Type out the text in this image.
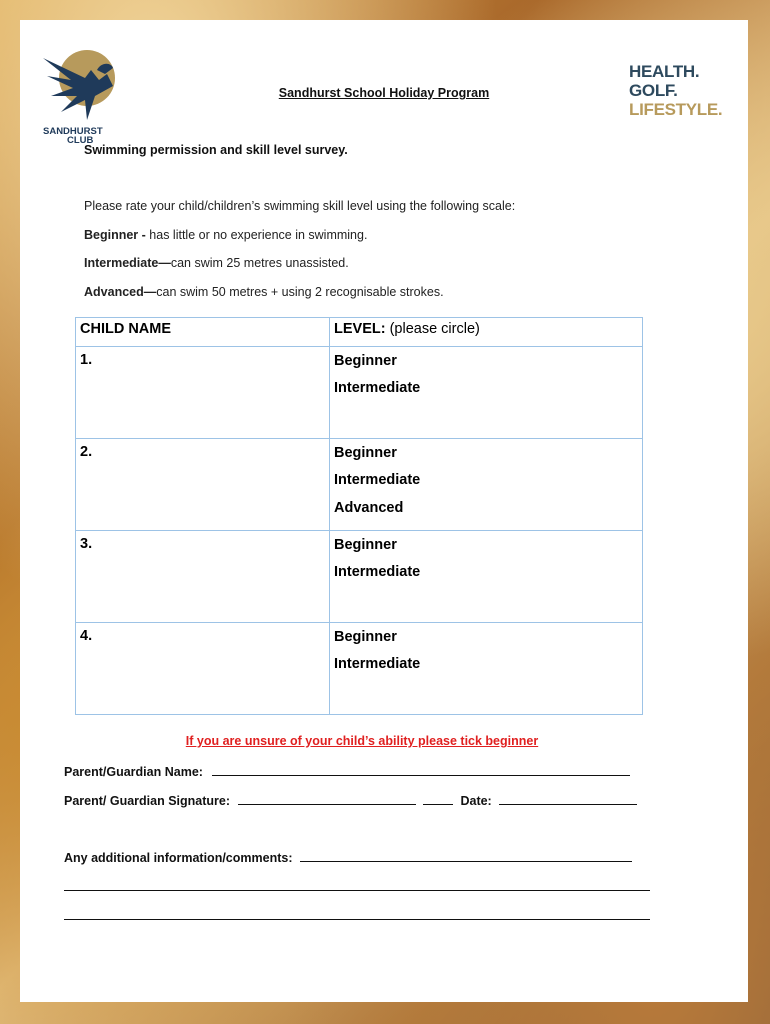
SANDHURST
CLUB
HEALTH.
GOLF.
LIFESTYLE.
Sandhurst School Holiday Program
Swimming permission and skill level survey.
Please rate your child/children’s swimming skill level using the following scale:
Beginner - has little or no experience in swimming.
Intermediate—can swim 25 metres unassisted.
Advanced—can swim 50 metres + using 2 recognisable strokes.
CHILD NAME	LEVEL: (please circle)

1.	Beginner
Intermediate

2.	Beginner
Intermediate
Advanced

3.	Beginner
Intermediate

4.	Beginner
Intermediate
If you are unsure of your child’s ability please tick beginner
Parent/Guardian Name:
Parent/ Guardian Signature:	Date:
Any additional information/comments:
